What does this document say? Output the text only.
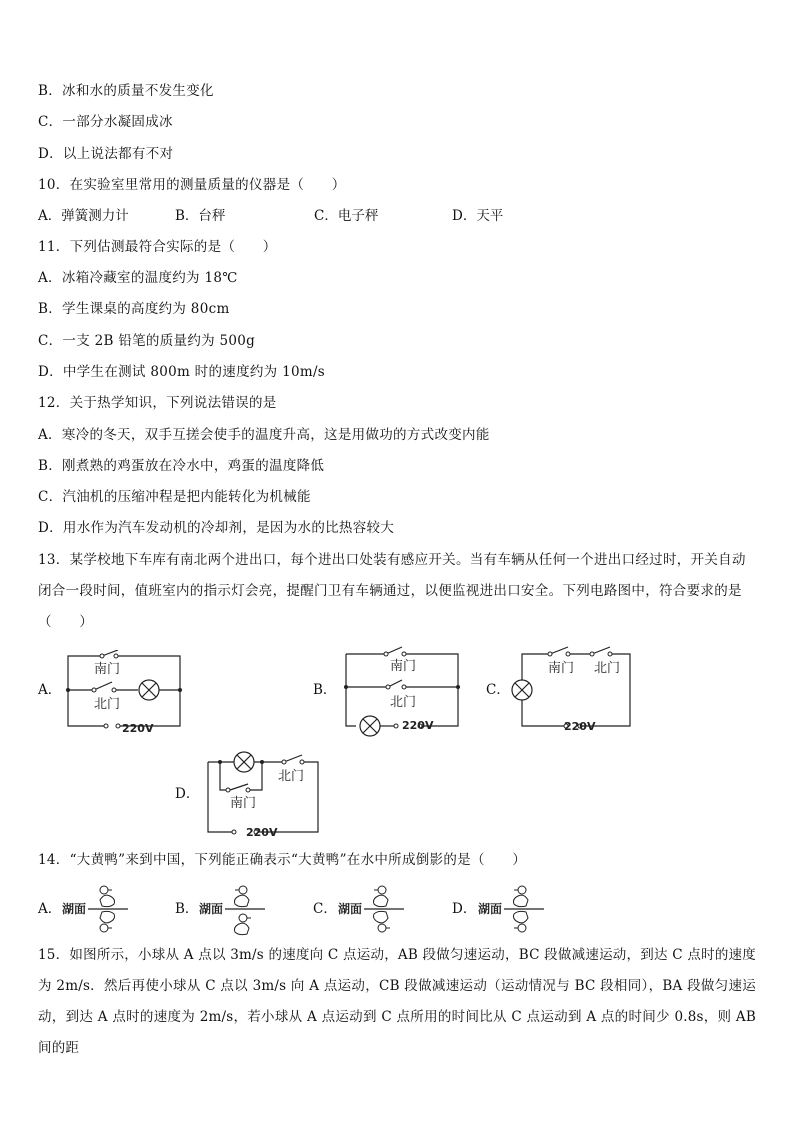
B．冰和水的质量不发生变化
C．一部分水凝固成冰
D．以上说法都有不对
10．在实验室里常用的测量质量的仪器是（　　）
A．弹簧测力计	B．台秤	C．电子秤	D．天平
11．下列估测最符合实际的是（　　）
A．冰箱冷藏室的温度约为 18℃
B．学生课桌的高度约为 80cm
C．一支 2B 铅笔的质量约为 500g
D．中学生在测试 800m 时的速度约为 10m/s
12．关于热学知识，下列说法错误的是
A．寒冷的冬天，双手互搓会使手的温度升高，这是用做功的方式改变内能
B．刚煮熟的鸡蛋放在冷水中，鸡蛋的温度降低
C．汽油机的压缩冲程是把内能转化为机械能
D．用水作为汽车发动机的冷却剂，是因为水的比热容较大
13．某学校地下车库有南北两个进出口，每个进出口处装有感应开关。当有车辆从任何一个进出口经过时，开关自动闭合一段时间，值班室内的指示灯会亮，提醒门卫有车辆通过，以便监视进出口安全。下列电路图中，符合要求的是（　　）
A．
南门
北门
220V
B．
南门
北门
220V
C．
南门 北门
220V
D．
北门
南门
220V
14．“大黄鸭”来到中国，下列能正确表示“大黄鸭”在水中所成倒影的是（　　）
A． 湖面	B． 湖面	C． 湖面	D． 湖面
15．如图所示，小球从 A 点以 3m/s 的速度向 C 点运动，AB 段做匀速运动，BC 段做减速运动，到达 C 点时的速度为 2m/s．然后再使小球从 C 点以 3m/s 向 A 点运动，CB 段做减速运动（运动情况与 BC 段相同），BA 段做匀速运动，到达 A 点时的速度为 2m/s，若小球从 A 点运动到 C 点所用的时间比从 C 点运动到 A 点的时间少 0.8s，则 AB 间的距
